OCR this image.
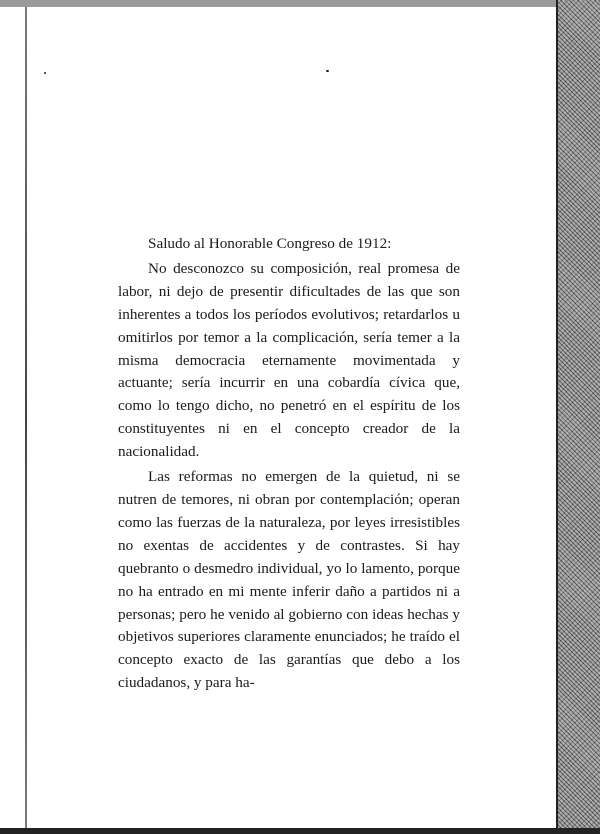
Saludo al Honorable Congreso de 1912:

No desconozco su composición, real promesa de labor, ni dejo de presentir dificultades de las que son inherentes a todos los períodos evolutivos; retardarlos u omitirlos por temor a la complicación, sería temer a la misma democracia eternamente movimentada y actuante; sería incurrir en una cobardía cívica que, como lo tengo dicho, no penetró en el espíritu de los constituyentes ni en el concepto creador de la nacionalidad.

Las reformas no emergen de la quietud, ni se nutren de temores, ni obran por contemplación; operan como las fuerzas de la naturaleza, por leyes irresistibles no exentas de accidentes y de contrastes. Si hay quebranto o desmedro individual, yo lo lamento, porque no ha entrado en mi mente inferir daño a partidos ni a personas; pero he venido al gobierno con ideas hechas y objetivos superiores claramente enunciados; he traído el concepto exacto de las garantías que debo a los ciudadanos, y para ha-
